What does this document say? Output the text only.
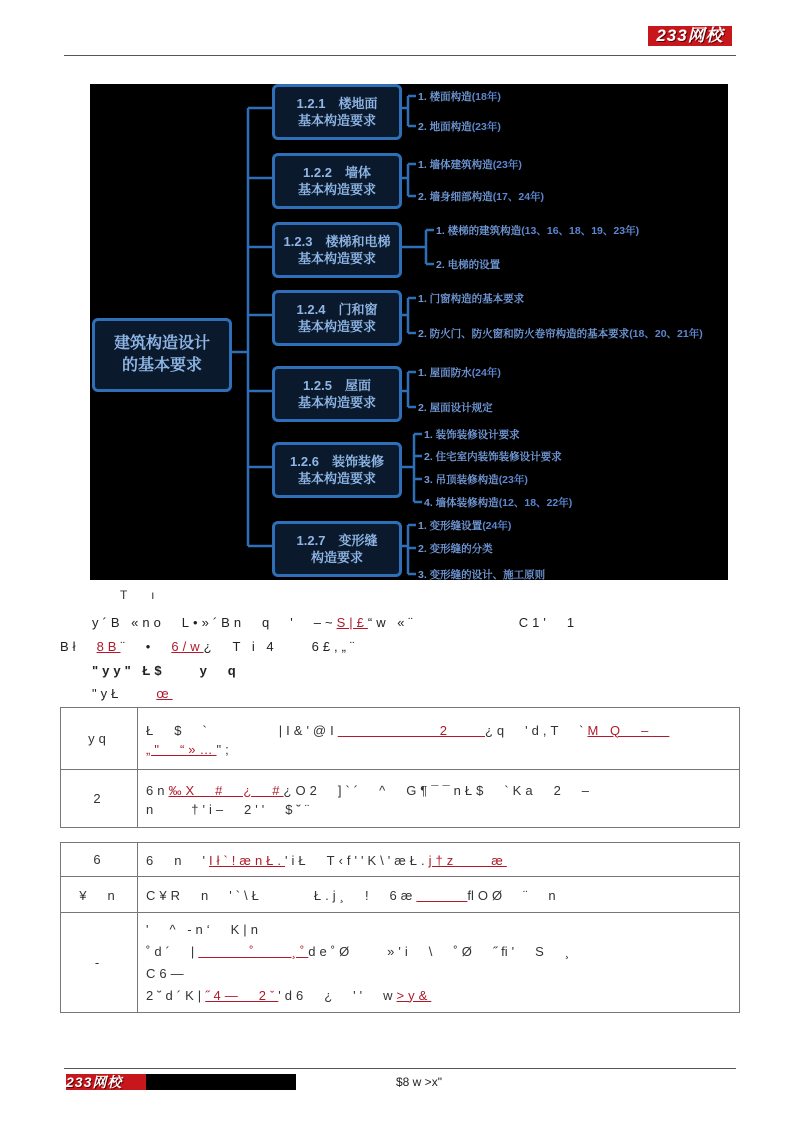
233网校
建筑构造设计
的基本要求
1.2.1　楼地面
基本构造要求
1.2.2　墙体
基本构造要求
1.2.3　楼梯和电梯
基本构造要求
1.2.4　门和窗
基本构造要求
1.2.5　屋面
基本构造要求
1.2.6　装饰装修
基本构造要求
1.2.7　变形缝
构造要求
1. 楼面构造(18年)
2. 地面构造(23年)
1. 墙体建筑构造(23年)
2. 墙身细部构造(17、24年)
1. 楼梯的建筑构造(13、16、18、19、23年)
2. 电梯的设置
1. 门窗构造的基本要求
2. 防火门、防火窗和防火卷帘构造的基本要求(18、20、21年)
1. 屋面防水(24年)
2. 屋面设计规定
1. 装饰装修设计要求
2. 住宅室内装饰装修设计要求
3. 吊顶装修构造(23年)
4. 墙体装修构造(12、18、22年)
1. 变形缝设置(24年)
2. 变形缝的分类
3. 变形缝的设计、施工原则
T　ı
y´B «no　L•»´Bn　q　'　–~S|£“w «¨　　　　　　C1'　1
Bł　8B¨　•　6/w¿　T i 4　　6£,„¨
"yy" Ł$　　y　q
"yŁ　　œ
yq	Ł　$　`　　　　|I&'@I　　　　　　2　　¿q　'd,T　`M Q　–　„"　“»…";
2	6n‰X　#　¿　#¿O2　]`´　^　G¶¯¯nŁ$　`Ka　2　–
n　　†'i–　2''　$˘¨
6	6　n　'Ił`!ænŁ.'iŁ　T‹f''K\'æŁ.j†z　　æ
¥　n	C¥R　n　'`\Ł　　　Ł.j¸　!　6æ　　　 ﬂOØ　¨　n
-	'　^ -n‘　K|n
˚d´　|　　　˚　　¸˚de˚Ø　　»'i　\　˚Ø　˝ﬁ'　S　¸
C6—
2˘d´K|˝4—　2ˇ'd6　¿　''　w>y&
233网校	$8 w >x"
